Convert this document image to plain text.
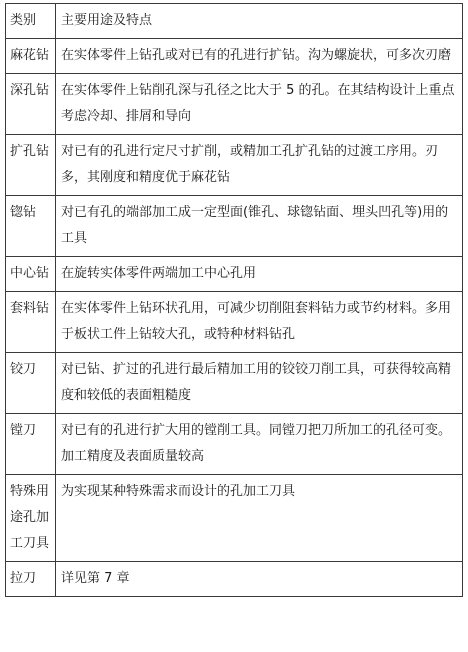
类别	主要用途及特点
麻花钻	在实体零件上钻孔或对已有的孔进行扩钻。沟为螺旋状，可多次刃磨
深孔钻	在实体零件上钻削孔深与孔径之比大于 5 的孔。在其结构设计上重点考虑冷却、排屑和导向
扩孔钻	对已有的孔进行定尺寸扩削，或精加工孔扩孔钻的过渡工序用。刃多，其刚度和精度优于麻花钻
锪钻	对已有孔的端部加工成一定型面(锥孔、球锪钻面、埋头凹孔等)用的工具
中心钻	在旋转实体零件两端加工中心孔用
套料钻	在实体零件上钻环状孔用，可减少切削阻套料钻力或节约材料。多用于板状工件上钻较大孔，或特种材料钻孔
铰刀	对已钻、扩过的孔进行最后精加工用的铰铰刀削工具，可获得较高精度和较低的表面粗糙度
镗刀	对已有的孔进行扩大用的镗削工具。同镗刀把刀所加工的孔径可变。加工精度及表面质量较高
特殊用途孔加工刀具	为实现某种特殊需求而设计的孔加工刀具
拉刀	详见第 7 章
